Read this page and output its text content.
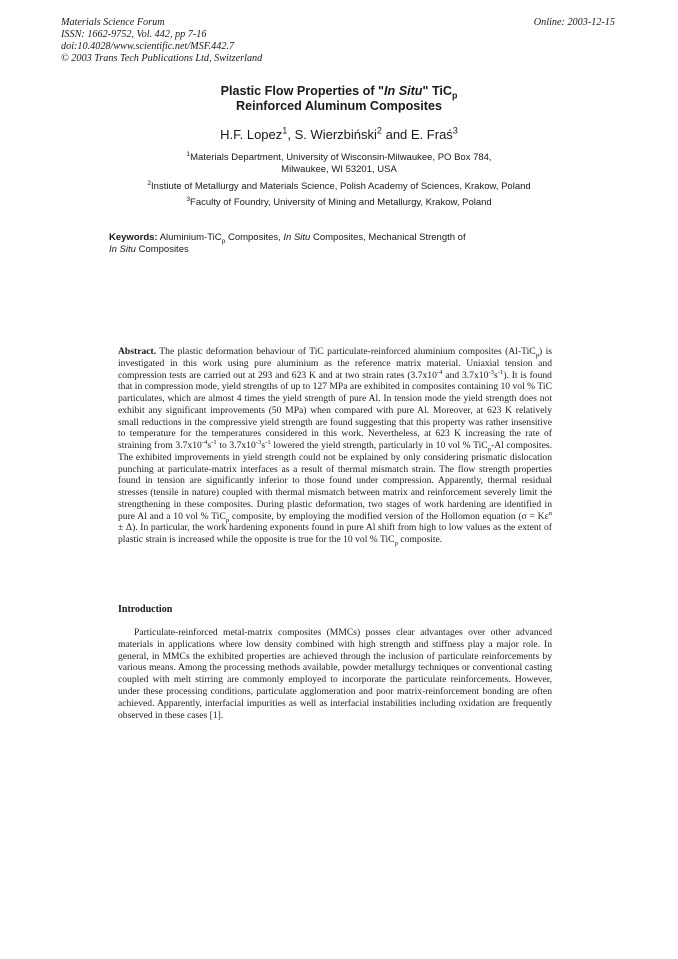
Materials Science Forum
ISSN: 1662-9752, Vol. 442, pp 7-16
doi:10.4028/www.scientific.net/MSF.442.7
© 2003 Trans Tech Publications Ltd, Switzerland
Online: 2003-12-15
Plastic Flow Properties of "In Situ" TiC$_p$
Reinforced Aluminum Composites
H.F. Lopez$^1$, S. Wierzbiński$^2$ and E. Fraś$^3$
$^1$Materials Department, University of Wisconsin-Milwaukee, PO Box 784,
Milwaukee, WI 53201, USA
$^2$Instiute of Metallurgy and Materials Science, Polish Academy of Sciences, Krakow, Poland
$^3$Faculty of Foundry, University of Mining and Metallurgy, Krakow, Poland
Keywords: Aluminium-TiC$_p$ Composites, In Situ Composites, Mechanical Strength of
In Situ Composites
Abstract. The plastic deformation behaviour of TiC particulate-reinforced aluminium composites (Al-TiC$_p$) is investigated in this work using pure aluminium as the reference matrix material. Uniaxial tension and compression tests are carried out at 293 and 623 K and at two strain rates ($3.7x10^{-4}$ and $3.7x10^{-3}s^{-1}$). It is found that in compression mode, yield strengths of up to 127 MPa are exhibited in composites containing 10 vol % TiC particulates, which are almost 4 times the yield strength of pure Al. In tension mode the yield strength does not exhibit any significant improvements (50 MPa) when compared with pure Al. Moreover, at 623 K relatively small reductions in the compressive yield strength are found suggesting that this property was rather insensitive to temperature for the temperatures considered in this work. Nevertheless, at 623 K increasing the rate of straining from $3.7x10^{-4}s^{-1}$ to $3.7x10^{-3}s^{-1}$ lowered the yield strength, particularly in 10 vol % TiC$_p$-Al composites. The exhibited improvements in yield strength could not be explained by only considering prismatic dislocation punching at particulate-matrix interfaces as a result of thermal mismatch strain. The flow strength properties found in tension are significantly inferior to those found under compression. Apparently, thermal residual stresses (tensile in nature) coupled with thermal mismatch between matrix and reinforcement severely limit the strengthening in these composites. During plastic deformation, two stages of work hardening are identified in pure Al and a 10 vol % TiC$_p$ composite, by employing the modified version of the Hollomon equation $(\sigma = K\varepsilon^n \pm \Delta)$. In particular, the work hardening exponents found in pure Al shift from high to low values as the extent of plastic strain is increased while the opposite is true for the 10 vol % TiC$_p$ composite.
Introduction
Particulate-reinforced metal-matrix composites (MMCs) posses clear advantages over other advanced materials in applications where low density combined with high strength and stiffness play a major role. In general, in MMCs the exhibited properties are achieved through the inclusion of particulate reinforcements by various means. Among the processing methods available, powder metallurgy techniques or conventional casting coupled with melt stirring are commonly employed to incorporate the particulate reinforcements. However, under these processing conditions, particulate agglomeration and poor matrix-reinforcement bonding are often achieved. Apparently, interfacial impurities as well as interfacial instabilities including oxidation are frequently observed in these cases [1].
